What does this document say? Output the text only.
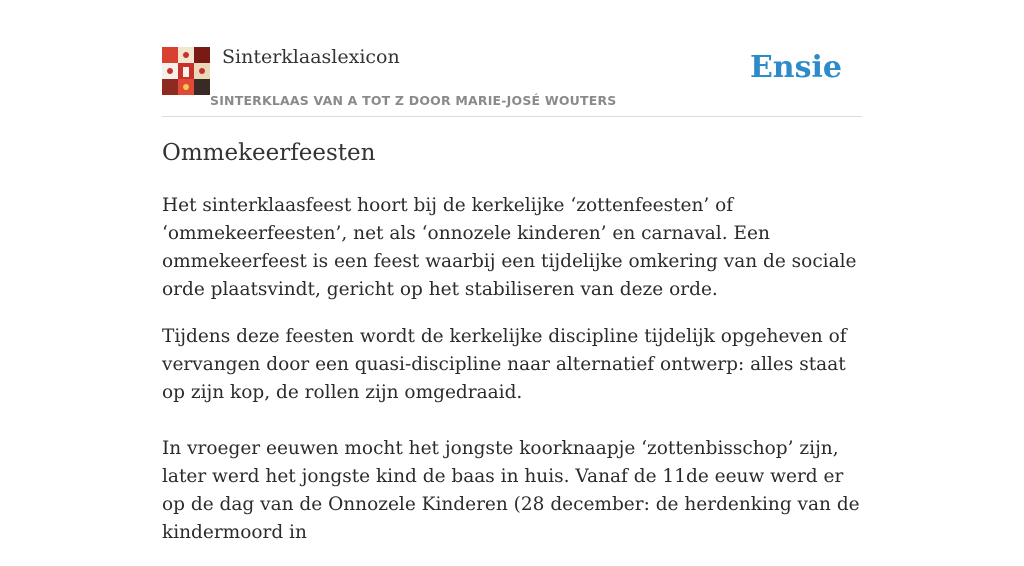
Sinterklaaslexicon
SINTERKLAAS VAN A TOT Z DOOR MARIE-JOSÉ WOUTERS
Ensie
Ommekeerfeesten

Het sinterklaasfeest hoort bij de kerkelijke ‘zottenfeesten’ of ‘ommekeerfeesten’, net als ‘onnozele kinderen’ en carnaval. Een ommekeerfeest is een feest waarbij een tijdelijke omkering van de sociale orde plaatsvindt, gericht op het stabiliseren van deze orde.

Tijdens deze feesten wordt de kerkelijke discipline tijdelijk opgeheven of vervangen door een quasi-discipline naar alternatief ontwerp: alles staat op zijn kop, de rollen zijn omgedraaid.

In vroeger eeuwen mocht het jongste koorknaapje ‘zottenbisschop’ zijn, later werd het jongste kind de baas in huis. Vanaf de 11de eeuw werd er op de dag van de Onnozele Kinderen (28 december: de herdenking van de kindermoord in
